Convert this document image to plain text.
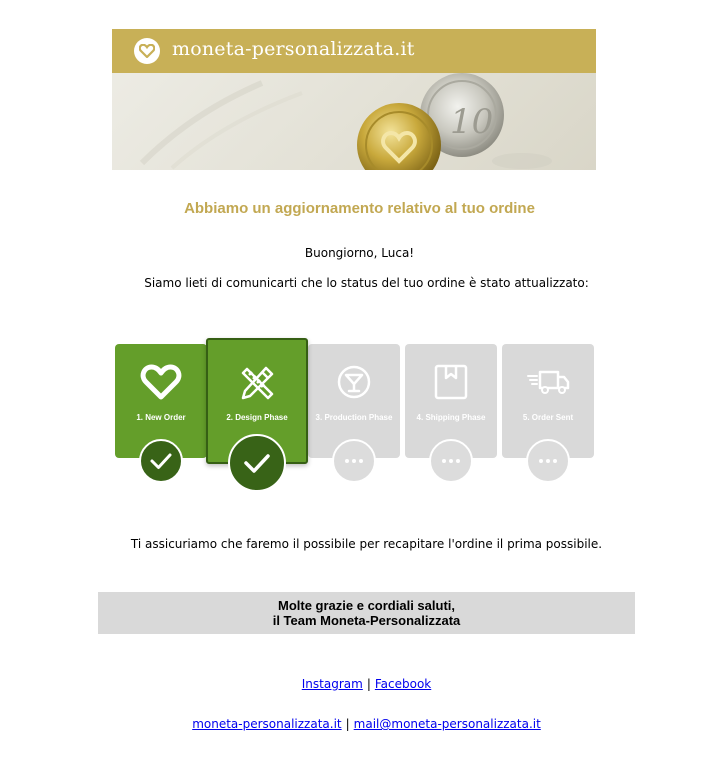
moneta-personalizzata.it
10
Abbiamo un aggiornamento relativo al tuo ordine
Buongiorno, Luca!
Siamo lieti di comunicarti che lo status del tuo ordine è stato attualizzato:
1. New Order	3. Production Phase	4. Shipping Phase	5. Order Sent
2. Design Phase
Ti assicuriamo che faremo il possibile per recapitare l'ordine il prima possibile.
Molte grazie e cordiali saluti,
il Team Moneta-Personalizzata
Instagram | Facebook
moneta-personalizzata.it | mail@moneta-personalizzata.it
